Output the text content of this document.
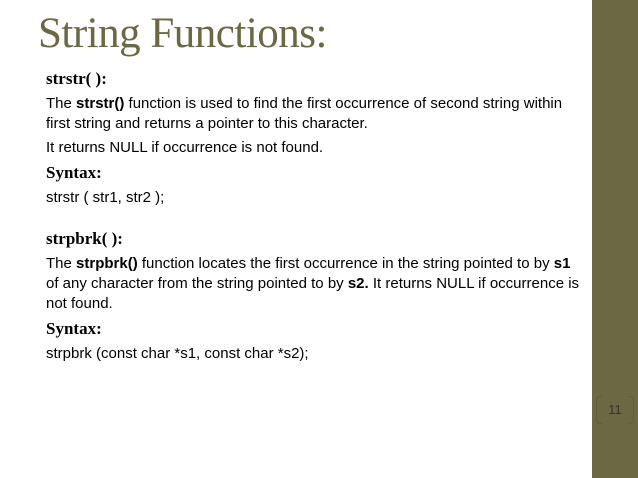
11
String Functions:
strstr( ):

The strstr() function is used to find the first occurrence of second string within first string and returns a pointer to this character.

It returns NULL if occurrence is not found.

Syntax:

strstr ( str1, str2 );

strpbrk( ):

The strpbrk() function locates the first occurrence in the string pointed to by s1 of any character from the string pointed to by s2. It returns NULL if occurrence is not found.

Syntax:

strpbrk (const char *s1, const char *s2);
